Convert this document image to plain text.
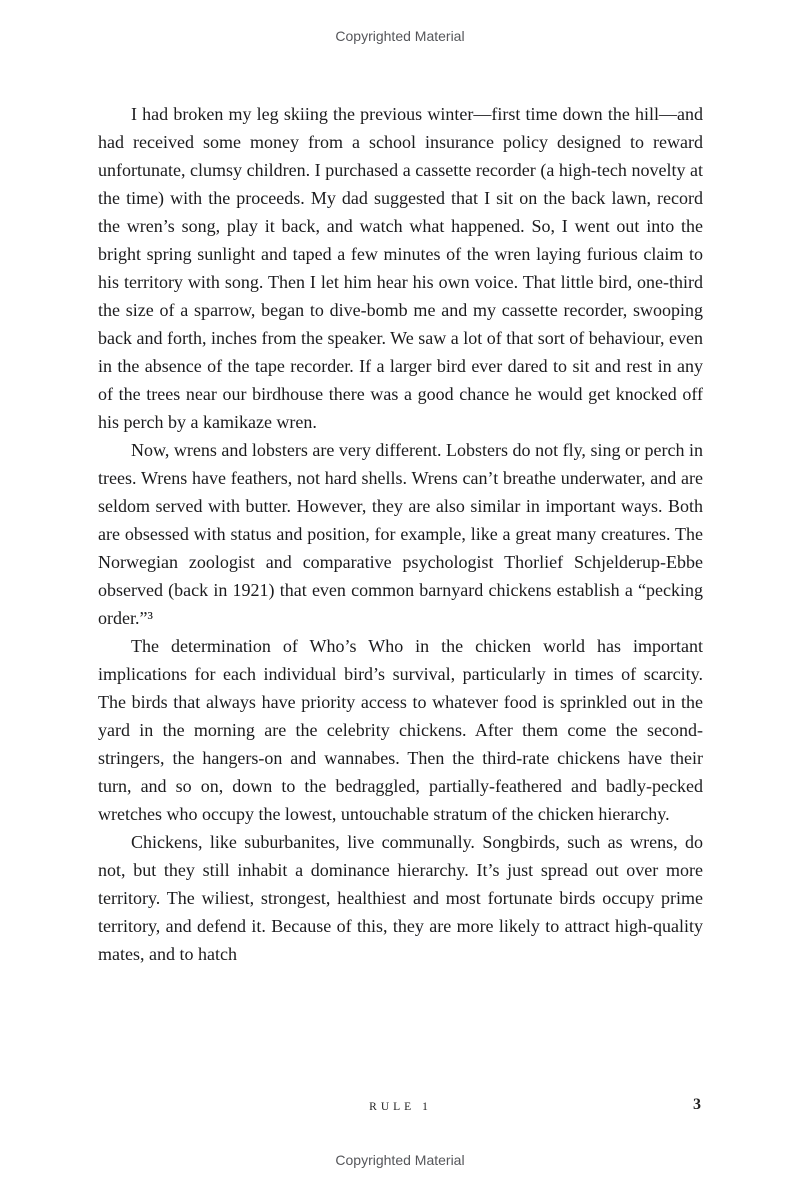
Copyrighted Material

I had broken my leg skiing the previous winter—first time down the hill—and had received some money from a school insurance policy designed to reward unfortunate, clumsy children. I purchased a cassette recorder (a high-tech novelty at the time) with the proceeds. My dad suggested that I sit on the back lawn, record the wren’s song, play it back, and watch what happened. So, I went out into the bright spring sunlight and taped a few minutes of the wren laying furious claim to his territory with song. Then I let him hear his own voice. That little bird, one-third the size of a sparrow, began to dive-bomb me and my cassette recorder, swooping back and forth, inches from the speaker. We saw a lot of that sort of behaviour, even in the absence of the tape recorder. If a larger bird ever dared to sit and rest in any of the trees near our birdhouse there was a good chance he would get knocked off his perch by a kamikaze wren.

Now, wrens and lobsters are very different. Lobsters do not fly, sing or perch in trees. Wrens have feathers, not hard shells. Wrens can’t breathe underwater, and are seldom served with butter. However, they are also similar in important ways. Both are obsessed with status and position, for example, like a great many creatures. The Norwegian zoologist and comparative psychologist Thorlief Schjelderup-Ebbe observed (back in 1921) that even common barnyard chickens establish a “pecking order.”³

The determination of Who’s Who in the chicken world has important implications for each individual bird’s survival, particularly in times of scarcity. The birds that always have priority access to whatever food is sprinkled out in the yard in the morning are the celebrity chickens. After them come the second-stringers, the hangers-on and wannabes. Then the third-rate chickens have their turn, and so on, down to the bedraggled, partially-feathered and badly-pecked wretches who occupy the lowest, untouchable stratum of the chicken hierarchy.

Chickens, like suburbanites, live communally. Songbirds, such as wrens, do not, but they still inhabit a dominance hierarchy. It’s just spread out over more territory. The wiliest, strongest, healthiest and most fortunate birds occupy prime territory, and defend it. Because of this, they are more likely to attract high-quality mates, and to hatch

RULE 1	3
Copyrighted Material
